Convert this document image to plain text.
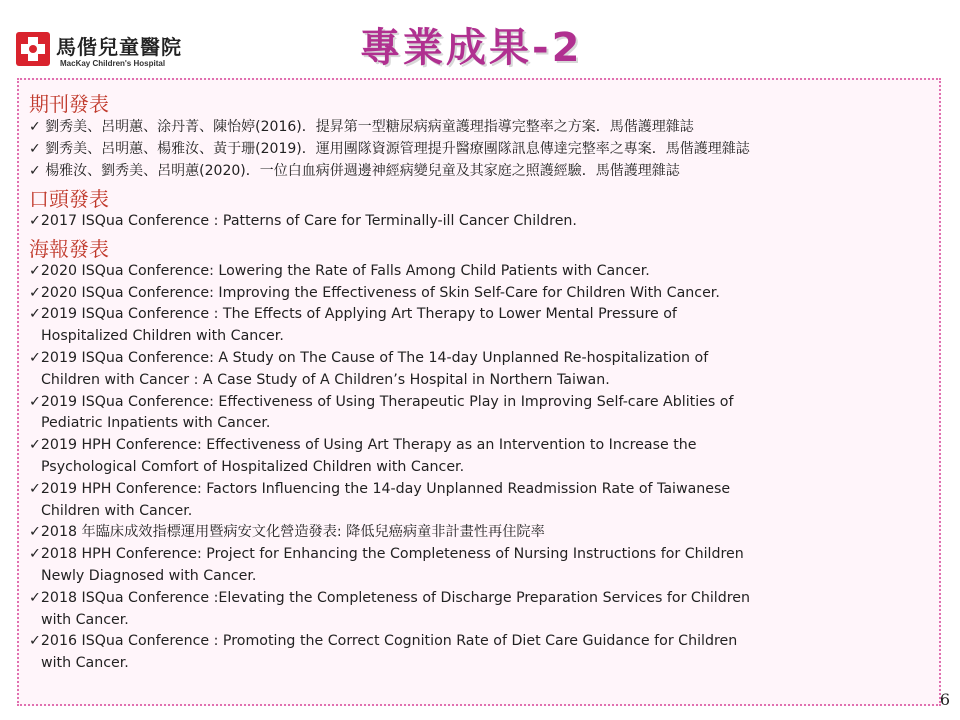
馬偕兒童醫院
MacKay Children's Hospital	專業成果-2
期刊發表
✓ 劉秀美、呂明蕙、涂丹菁、陳怡婷(2016)．提昇第一型糖尿病病童護理指導完整率之方案．馬偕護理雜誌
✓ 劉秀美、呂明蕙、楊雅汝、黃于珊(2019)．運用團隊資源管理提升醫療團隊訊息傳達完整率之專案．馬偕護理雜誌
✓ 楊雅汝、劉秀美、呂明蕙(2020)．一位白血病併週邊神經病變兒童及其家庭之照護經驗．馬偕護理雜誌
口頭發表
✓2017 ISQua Conference : Patterns of Care for Terminally-ill Cancer Children.
海報發表
✓2020 ISQua Conference: Lowering the Rate of Falls Among Child Patients with Cancer.
✓2020 ISQua Conference: Improving the Effectiveness of Skin Self-Care for Children With Cancer.
✓2019 ISQua Conference : The Effects of Applying Art Therapy to Lower Mental Pressure of
Hospitalized Children with Cancer.
✓2019 ISQua Conference: A Study on The Cause of The 14-day Unplanned Re-hospitalization of
Children with Cancer : A Case Study of A Children’s Hospital in Northern Taiwan.
✓2019 ISQua Conference: Effectiveness of Using Therapeutic Play in Improving Self-care Ablities of
Pediatric Inpatients with Cancer.
✓2019 HPH Conference: Effectiveness of Using Art Therapy as an Intervention to Increase the
Psychological Comfort of Hospitalized Children with Cancer.
✓2019 HPH Conference: Factors Influencing the 14-day Unplanned Readmission Rate of Taiwanese
Children with Cancer.
✓2018 年臨床成效指標運用暨病安文化營造發表: 降低兒癌病童非計畫性再住院率
✓2018 HPH Conference: Project for Enhancing the Completeness of Nursing Instructions for Children
Newly Diagnosed with Cancer.
✓2018 ISQua Conference :Elevating the Completeness of Discharge Preparation Services for Children
with Cancer.
✓2016 ISQua Conference : Promoting the Correct Cognition Rate of Diet Care Guidance for Children
with Cancer.
6
